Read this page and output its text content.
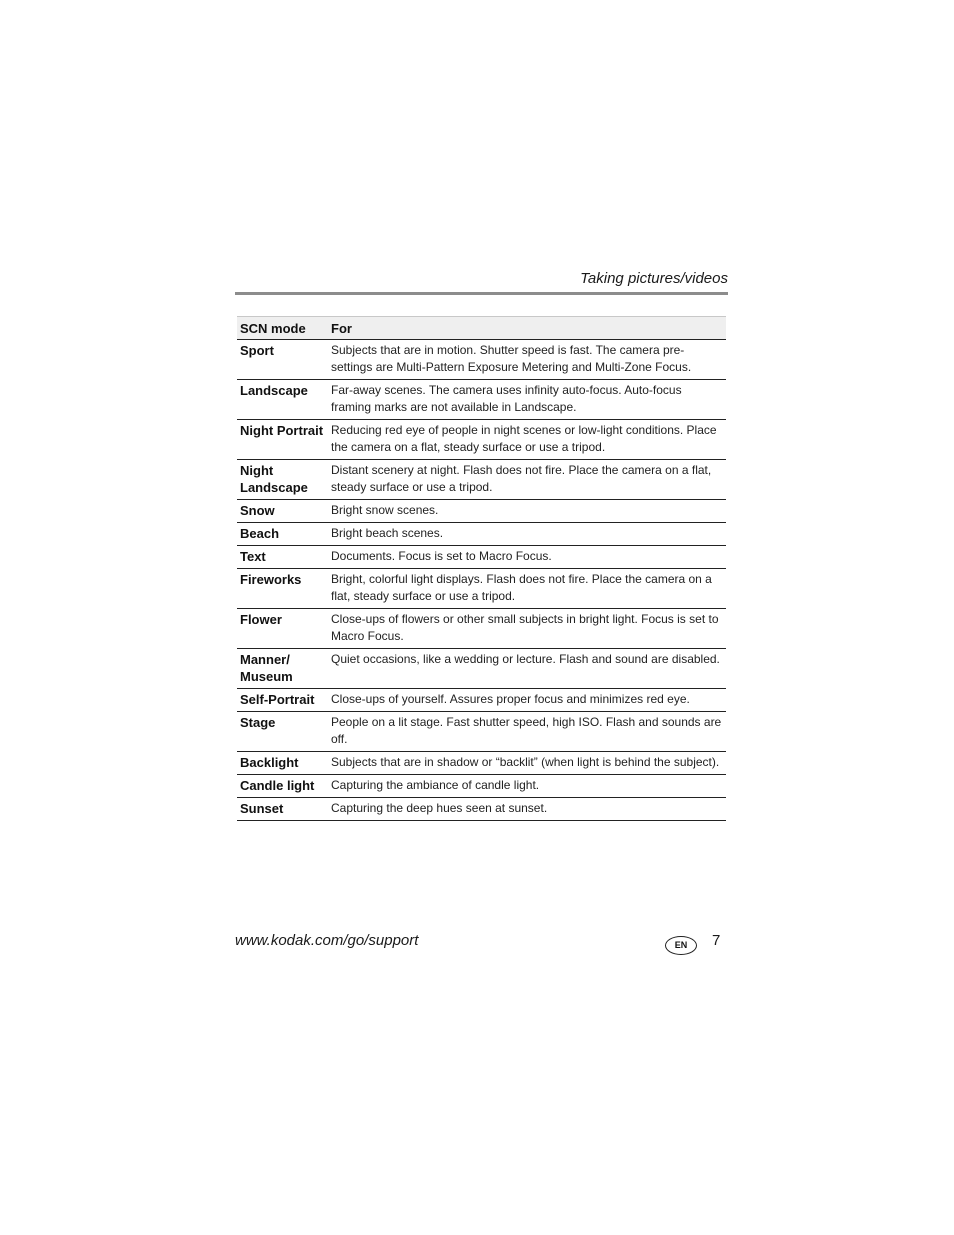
Taking pictures/videos
SCN mode	For
Sport	Subjects that are in motion. Shutter speed is fast. The camera pre-settings are Multi-Pattern Exposure Metering and Multi-Zone Focus.
Landscape	Far-away scenes. The camera uses infinity auto-focus. Auto-focus framing marks are not available in Landscape.
Night Portrait	Reducing red eye of people in night scenes or low-light conditions. Place the camera on a flat, steady surface or use a tripod.
Night Landscape	Distant scenery at night. Flash does not fire. Place the camera on a flat, steady surface or use a tripod.
Snow	Bright snow scenes.
Beach	Bright beach scenes.
Text	Documents. Focus is set to Macro Focus.
Fireworks	Bright, colorful light displays. Flash does not fire. Place the camera on a flat, steady surface or use a tripod.
Flower	Close-ups of flowers or other small subjects in bright light. Focus is set to Macro Focus.
Manner/ Museum	Quiet occasions, like a wedding or lecture. Flash and sound are disabled.
Self-Portrait	Close-ups of yourself. Assures proper focus and minimizes red eye.
Stage	People on a lit stage. Fast shutter speed, high ISO. Flash and sounds are off.
Backlight	Subjects that are in shadow or “backlit” (when light is behind the subject).
Candle light	Capturing the ambiance of candle light.
Sunset	Capturing the deep hues seen at sunset.
www.kodak.com/go/support	EN	7
